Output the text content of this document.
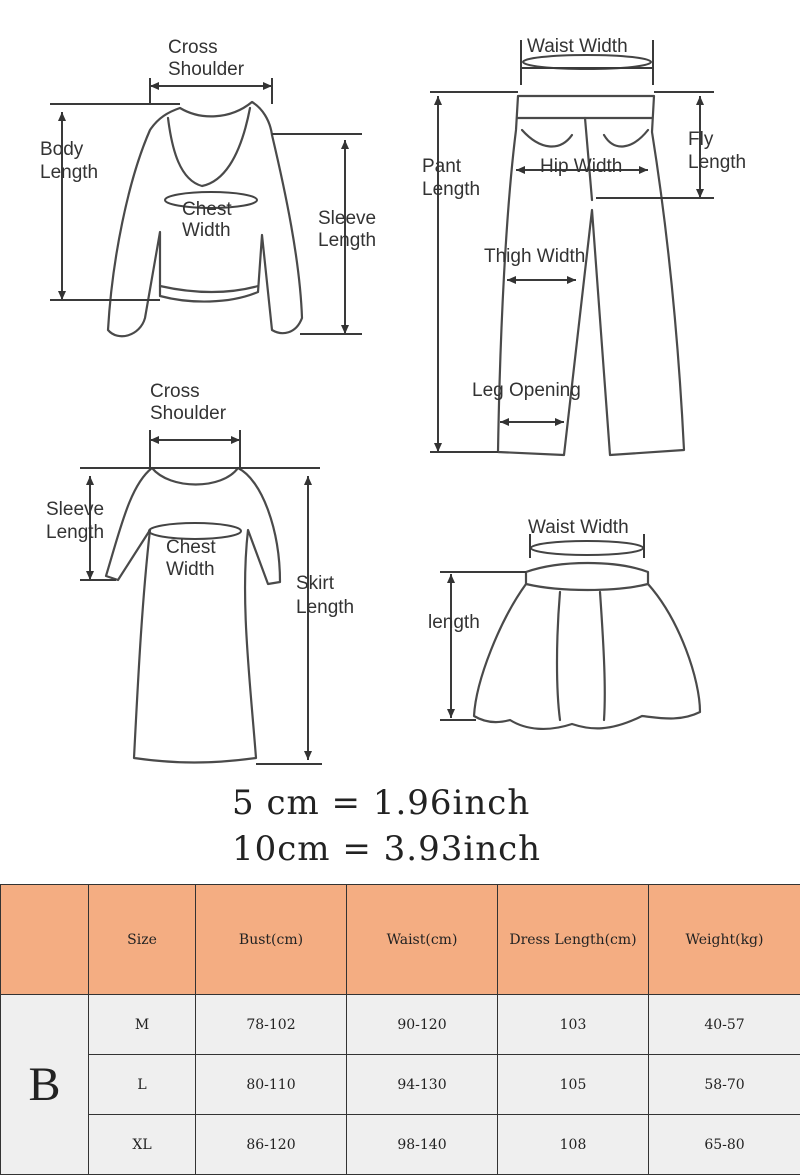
Cross
Shoulder
Body
Length
Chest
Width
Sleeve
Length
Waist Width
Fly
Length
Pant
Length
Hip Width
Thigh Width
Leg Opening
Cross
Shoulder
Sleeve
Length
Chest
Width
Skirt
Length
Waist Width
length
5 cm = 1.96inch
10cm = 3.93inch
	Size	Bust(cm)	Waist(cm)	Dress Length(cm)	Weight(kg)
B	M	78-102	90-120	103	40-57
	L	80-110	94-130	105	58-70
	XL	86-120	98-140	108	65-80
